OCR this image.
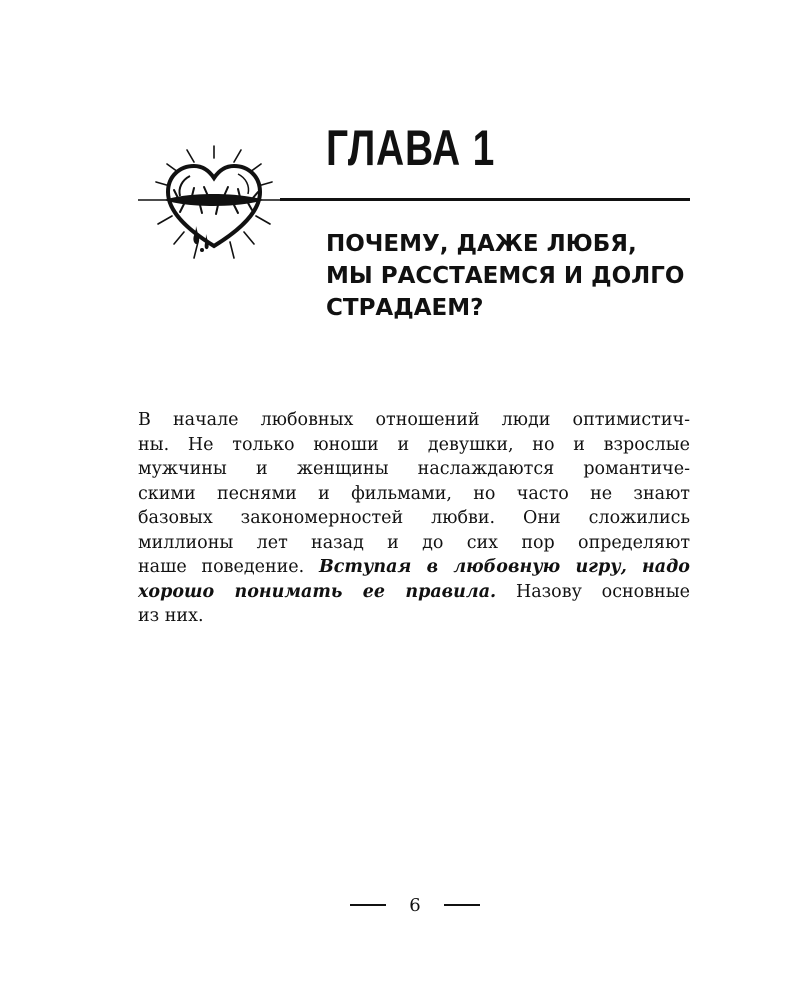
ГЛАВА 1
ПОЧЕМУ, ДАЖЕ ЛЮБЯ,
МЫ РАССТАЕМСЯ И ДОЛГО
СТРАДАЕМ?

В начале любовных отношений люди оптимистич-
ны. Не только юноши и девушки, но и взрослые
мужчины и женщины наслаждаются романтиче-
скими песнями и фильмами, но часто не знают
базовых закономерностей любви. Они сложились
миллионы лет назад и до сих пор определяют
наше поведение. Вступая в любовную игру, надо
хорошо понимать ее правила. Назову основные
из них.

6
